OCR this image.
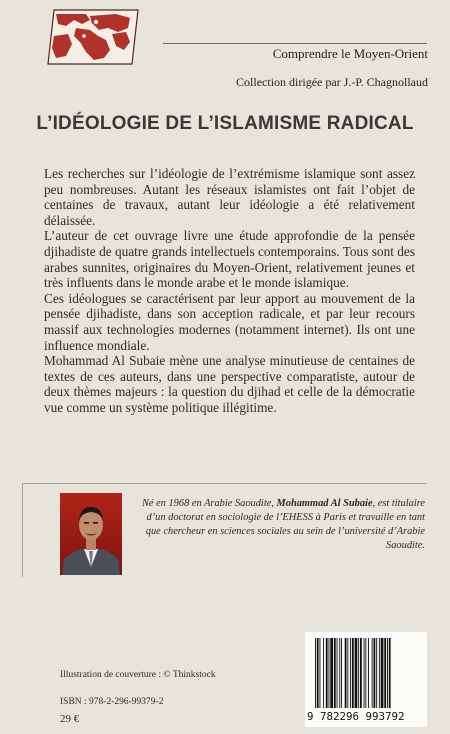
Comprendre le Moyen-Orient
Collection dirigée par J.-P. Chagnollaud
L’IDÉOLOGIE DE L’ISLAMISME RADICAL

Les recherches sur l’idéologie de l’extrémisme islamique sont assez peu nombreuses. Autant les réseaux islamistes ont fait l’objet de centaines de travaux, autant leur idéologie a été relativement délaissée.

L’auteur de cet ouvrage livre une étude approfondie de la pensée djihadiste de quatre grands intellectuels contemporains. Tous sont des arabes sunnites, originaires du Moyen-Orient, relativement jeunes et très influents dans le monde arabe et le monde islamique.

Ces idéologues se caractérisent par leur apport au mouvement de la pensée djihadiste, dans son acception radicale, et par leur recours massif aux technologies modernes (notamment internet). Ils ont une influence mondiale.

Mohammad Al Subaie mène une analyse minutieuse de centaines de textes de ces auteurs, dans une perspective comparatiste, autour de deux thèmes majeurs : la question du djihad et celle de la démocratie vue comme un système politique illégitime.

Né en 1968 en Arabie Saoudite, Mohammad Al Subaie, est titulaire d’un doctorat en sociologie de l’EHESS à Paris et travaille en tant que chercheur en sciences sociales au sein de l’université d’Arabie Saoudite.
Illustration de couverture : © Thinkstock
ISBN : 978-2-296-99379-2
29 €	9 782296 993792
